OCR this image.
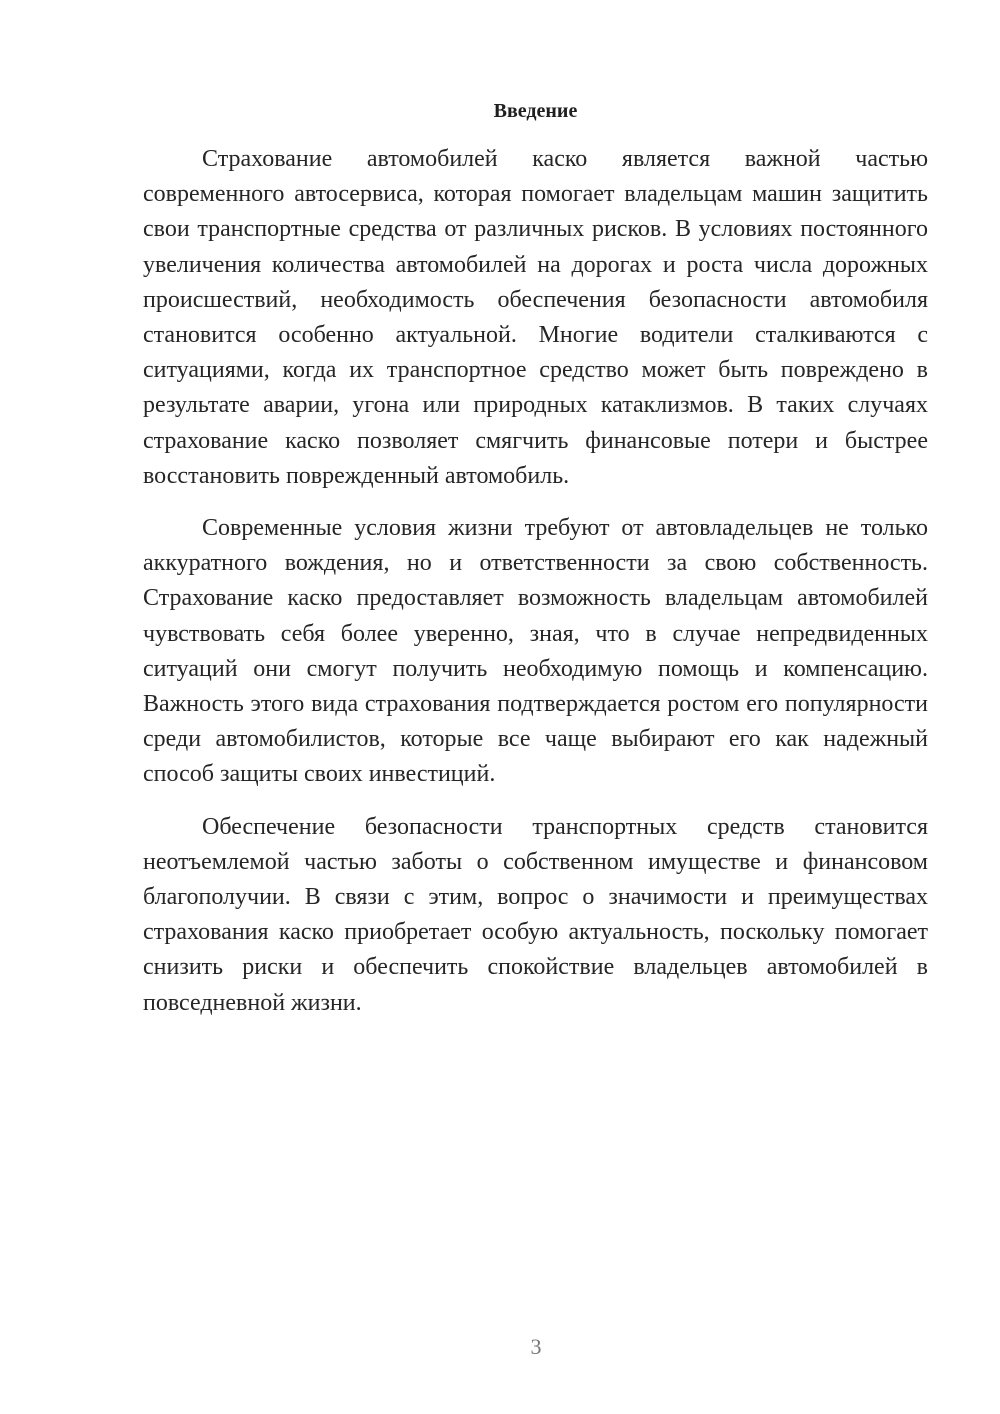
Введение

Страхование автомобилей каско является важной частью современного автосервиса, которая помогает владельцам машин защитить свои транспортные средства от различных рисков. В условиях постоянного увеличения количества автомобилей на дорогах и роста числа дорожных происшествий, необходимость обеспечения безопасности автомобиля становится особенно актуальной. Многие водители сталкиваются с ситуациями, когда их транспортное средство может быть повреждено в результате аварии, угона или природных катаклизмов. В таких случаях страхование каско позволяет смягчить финансовые потери и быстрее восстановить поврежденный автомобиль.

Современные условия жизни требуют от автовладельцев не только аккуратного вождения, но и ответственности за свою собственность. Страхование каско предоставляет возможность владельцам автомобилей чувствовать себя более уверенно, зная, что в случае непредвиденных ситуаций они смогут получить необходимую помощь и компенсацию. Важность этого вида страхования подтверждается ростом его популярности среди автомобилистов, которые все чаще выбирают его как надежный способ защиты своих инвестиций.

Обеспечение безопасности транспортных средств становится неотъемлемой частью заботы о собственном имуществе и финансовом благополучии. В связи с этим, вопрос о значимости и преимуществах страхования каско приобретает особую актуальность, поскольку помогает снизить риски и обеспечить спокойствие владельцев автомобилей в повседневной жизни.

3
